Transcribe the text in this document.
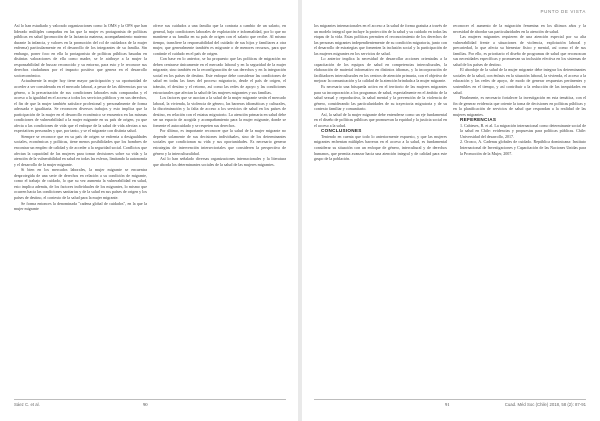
Así lo han estudiado y valorado organizaciones como la OMS y la OPS que han liderado múltiples campañas en las que la mujer es protagonista de políticas públicas en salud (promoción de la lactancia materna, acompañamiento materno durante la infancia, y valores en la promoción del rol de cuidadora de la mujer enferma) particularmente en el desarrollo de los integrantes de su familia. Sin embargo, poner foco en ella la protagonista de políticas públicas basadas en distintas valoraciones de ella como madre, se le atribuye a la mujer la responsabilidad de buscar reconocido y su entorno, para esto y le reconoce sus derechos ciudadanos por el impacto positivo que genera en el desarrollo socioeconómico.

Actualmente la mujer hoy tiene mayor participación y su oportunidad de acceder a ser considerada en el mercado laboral, a pesar de las diferencias por su género, a la precarización de sus condiciones laborales más comparadas y el acceso a la igualdad en el acceso a todos los servicios públicos y en sus derechos, el fin de que la mujer también satisface profesional y personalmente de forma adecuada e igualitaria. Se reconocen diversos trabajos y esto implica que la participación de la mujer en el desarrollo económico se encuentra en las mismas condiciones de vulnerabilidad a la mujer migrante en su país de origen, ya que afecta a las condiciones de vida que el enfoque de la salud de vida afectan a sus expectativas personales y que, por tanto, y se el migrante con distinta salud.

Siempre se reconoce que en su país de origen se enfrenta a desigualdades sociales, económicas y políticas, tiene menos posibilidades que los hombres de encontrar un empleo de calidad y de acceder a la seguridad social. Conflictos que afectan la capacidad de las mujeres para tomar decisiones sobre su vida y la atención de la vulnerabilidad en salud en todas las esferas, limitando la autonomía y el desarrollo de la mujer migrante.

Si bien en los mercados laborales, la mujer migrante se encuentra desprotegida de una serie de derechos en relación a su condición de migrante, como el trabajo de cuidado, lo que su vez aumenta la vulnerabilidad en salud, esto implica además, de los factores individuales de los migrantes, lo mismo que ocurren hacia las condiciones sanitarias y de la salud en sus países de origen y los países de destino, el contexto de la salud para la mujer migrante.

Se forma entonces la denominada "cadena global de cuidados", en la que la mujer migrante

ofrece sus cuidados a una familia que la contrata a cambio de un salario, en general, bajo condiciones laborales de explotación e informalidad, por lo que no mantiene a su familia en su país de origen con el salario que recibe. Al mismo tiempo, transfiere la responsabilidad del cuidado de sus hijos y familiares a otra mujer, que generalmente también es migrante o de menores recursos, para que continúe el cuidado en el país de origen.

Con base en lo anterior, se ha propuesto que las políticas de migración no deben centrarse únicamente en el mercado laboral y en la seguridad de la mujer migrante, sino también en la reconfiguración de sus derechos y en la integración social en los países de destino. Este enfoque debe considerar las condiciones de salud en todas las fases del proceso migratorio, desde el país de origen, el tránsito, el destino y el retorno, así como las redes de apoyo y las condiciones estructurales que afectan la salud de las mujeres migrantes y sus familias.

Los factores que se asocian a la salud de la mujer migrante serán el mercado laboral, la vivienda, la violencia de género, las barreras idiomáticas y culturales, la discriminación y la falta de acceso a los servicios de salud en los países de destino, en relación con el estatus migratorio. La atención primaria en salud debe ser un espacio de acogida y acompañamiento para la mujer migrante, donde se fomente el autocuidado y se respeten sus derechos.

Por último, es importante reconocer que la salud de la mujer migrante no depende solamente de sus decisiones individuales, sino de los determinantes sociales que condicionan su vida y sus oportunidades. Es necesario generar estrategias de intervención intersectoriales que consideren la perspectiva de género y la interculturalidad.

Así lo han señalado diversas organizaciones internacionales y la literatura que aborda los determinantes sociales de la salud de las mujeres migrantes.

Sáez C. et al.	90
PUNTO DE VISTA

los migrantes internacionales en el acceso a la salud de forma gratuita a través de un modelo integral que incluye la protección de la salud y su cuidado en todas las etapas de la vida. Estas políticas permiten el reconocimiento de los derechos de las personas migrantes independientemente de su condición migratoria, junto con el desarrollo de estrategias que fomenten la inclusión social y la participación de las mujeres migrantes en los servicios de salud.

Lo anterior implica la necesidad de desarrollar acciones orientadas a la capacitación de los equipos de salud en competencias interculturales, la elaboración de material informativo en distintos idiomas, y la incorporación de facilitadores interculturales en los centros de atención primaria, con el objetivo de mejorar la comunicación y la calidad de la atención brindada a la mujer migrante.

Es necesario una búsqueda activa en el territorio de las mujeres migrantes para su incorporación a los programas de salud, especialmente en el ámbito de la salud sexual y reproductiva, la salud mental y la prevención de la violencia de género, considerando las particularidades de su trayectoria migratoria y de su contexto familiar y comunitario.

Así, la salud de la mujer migrante debe entenderse como un eje fundamental en el diseño de políticas públicas que promuevan la equidad y la justicia social en el acceso a la salud.

CONCLUSIONES

Teniendo en cuenta que todo lo anteriormente expuesto, y que las mujeres migrantes enfrentan múltiples barreras en el acceso a la salud, es fundamental considerar su situación con un enfoque de género, intercultural y de derechos humanos, que permita avanzar hacia una atención integral y de calidad para este grupo de la población.

reconocer el aumento de la migración femenina en los últimos años y la necesidad de abordar sus particularidades en la atención de salud.

Las mujeres migrantes requieren de una atención especial por su alta vulnerabilidad frente a situaciones de violencia, explotación laboral y precariedad, lo que afecta su bienestar físico y mental, así como el de sus familias. Por ello, es prioritario el diseño de programas de salud que reconozcan sus necesidades específicas y promuevan su inclusión efectiva en los sistemas de salud de los países de destino.

El abordaje de la salud de la mujer migrante debe integrar los determinantes sociales de la salud, con énfasis en la situación laboral, la vivienda, el acceso a la educación y las redes de apoyo, de modo de generar respuestas pertinentes y sostenibles en el tiempo, y así contribuir a la reducción de las inequidades en salud.

Finalmente, es necesario fortalecer la investigación en esta temática, con el fin de generar evidencia que oriente la toma de decisiones en políticas públicas y en la planificación de servicios de salud que respondan a la realidad de las mujeres migrantes.

REFERENCIAS

1. Cabieses, B. et al. La migración internacional como determinante social de la salud en Chile: evidencias y propuestas para políticas públicas. Chile: Universidad del desarrollo, 2017.

2. Orozco, A. Cadenas globales de cuidado. República dominicana: Instituto Internacional de Investigaciones y Capacitación de las Naciones Unidas para la Promoción de la Mujer, 2007.

91	Cuad. Méd Soc (Chile) 2018, 58 (2): 87-91
